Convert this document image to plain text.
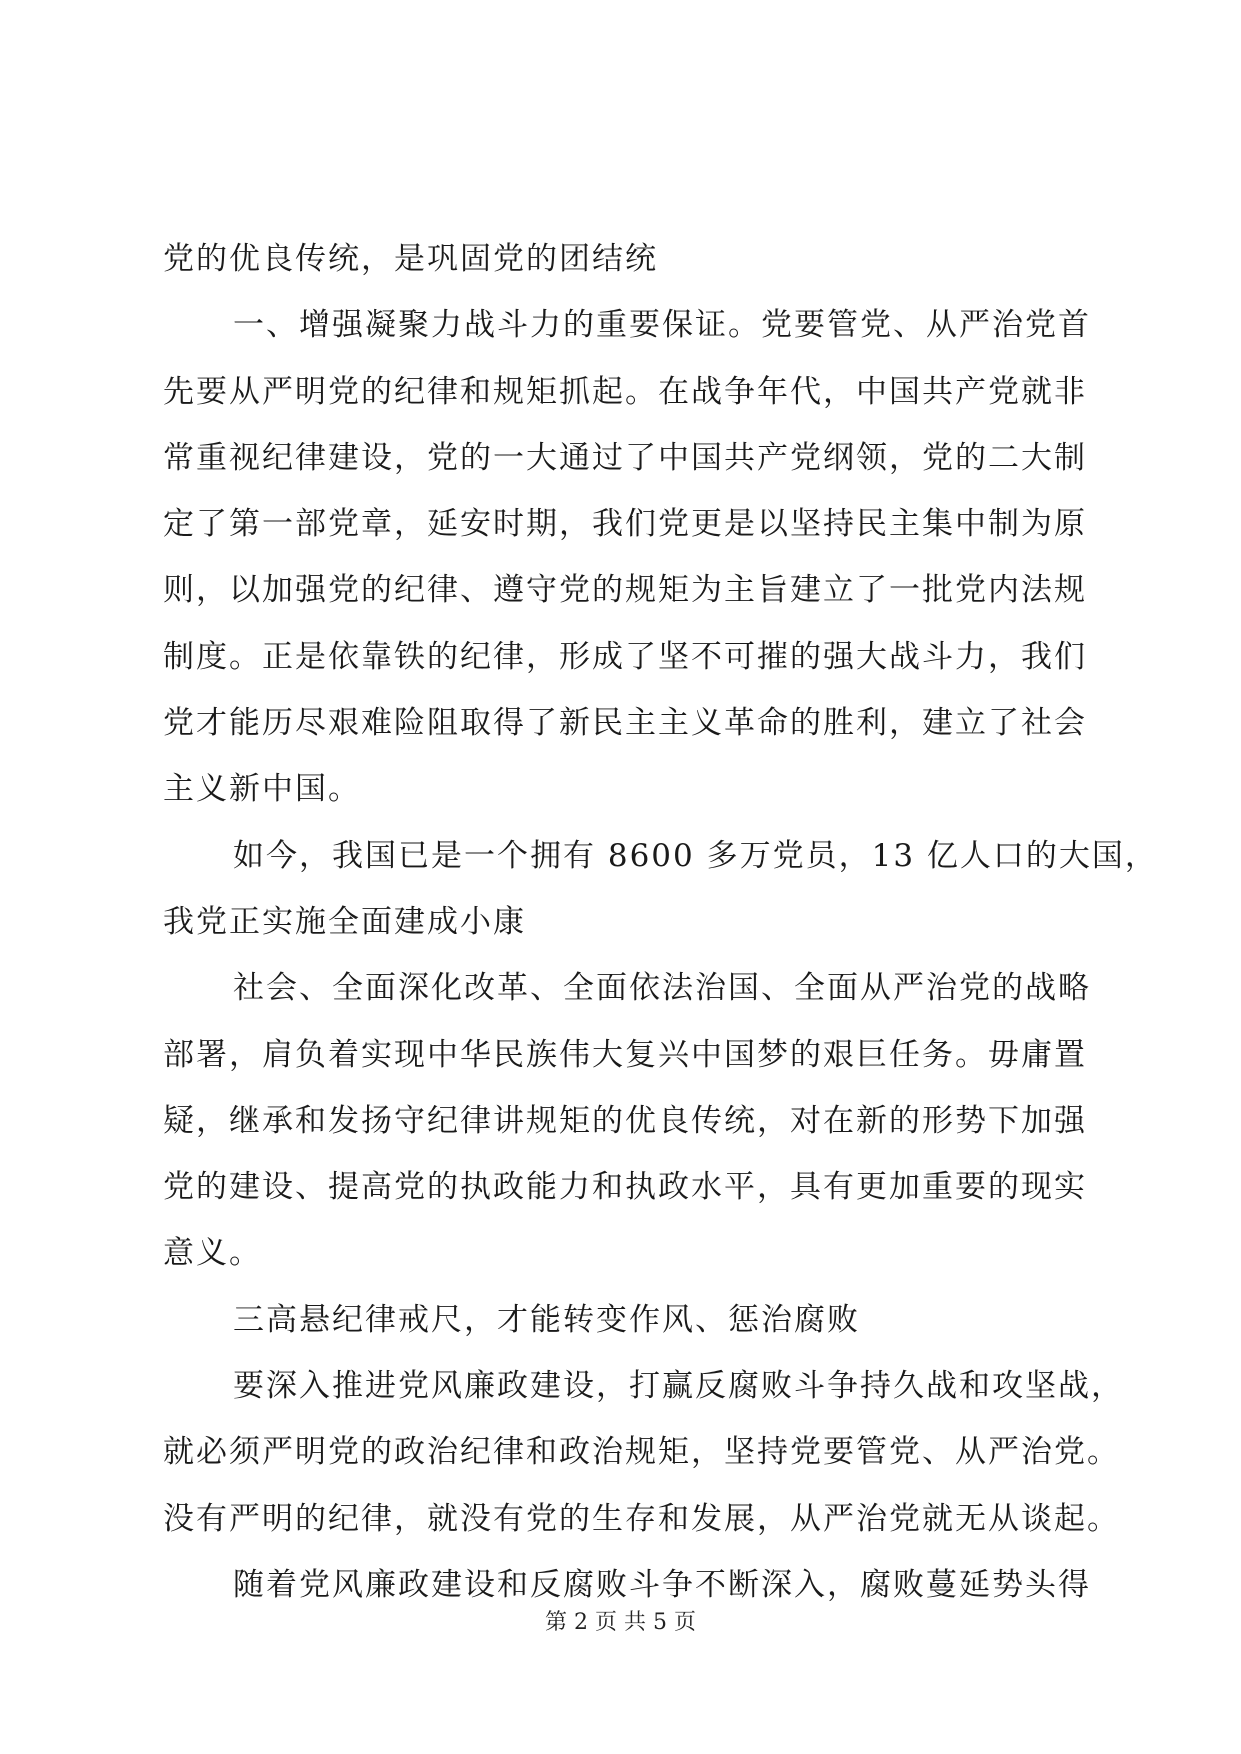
党的优良传统，是巩固党的团结统
一、增强凝聚力战斗力的重要保证。党要管党、从严治党首
先要从严明党的纪律和规矩抓起。在战争年代，中国共产党就非
常重视纪律建设，党的一大通过了中国共产党纲领，党的二大制
定了第一部党章，延安时期，我们党更是以坚持民主集中制为原
则，以加强党的纪律、遵守党的规矩为主旨建立了一批党内法规
制度。正是依靠铁的纪律，形成了坚不可摧的强大战斗力，我们
党才能历尽艰难险阻取得了新民主主义革命的胜利，建立了社会
主义新中国。
如今，我国已是一个拥有 8600 多万党员，13 亿人口的大国，
我党正实施全面建成小康
社会、全面深化改革、全面依法治国、全面从严治党的战略
部署，肩负着实现中华民族伟大复兴中国梦的艰巨任务。毋庸置
疑，继承和发扬守纪律讲规矩的优良传统，对在新的形势下加强
党的建设、提高党的执政能力和执政水平，具有更加重要的现实
意义。
三高悬纪律戒尺，才能转变作风、惩治腐败
要深入推进党风廉政建设，打赢反腐败斗争持久战和攻坚战，
就必须严明党的政治纪律和政治规矩，坚持党要管党、从严治党。
没有严明的纪律，就没有党的生存和发展，从严治党就无从谈起。
随着党风廉政建设和反腐败斗争不断深入，腐败蔓延势头得
第 2 页 共 5 页
